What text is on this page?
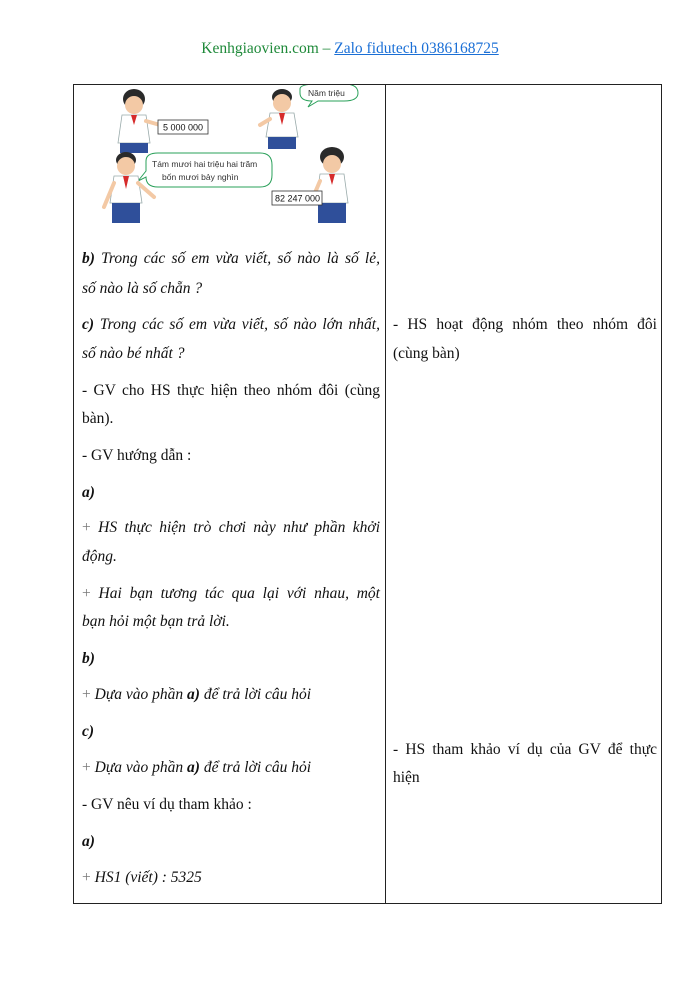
Kenhgiaovien.com – Zalo fidutech 0386168725
5 000 000
Năm triệu
Tám mươi hai triệu hai trăm
bốn mươi bảy nghìn
82 247 000
b) Trong các số em vừa viết, số nào là số lẻ,
số nào là số chẵn ?
c) Trong các số em vừa viết, số nào lớn nhất,
số nào bé nhất ?
- GV cho HS thực hiện theo nhóm đôi (cùng
bàn).
- GV hướng dẫn :
a)
+ HS thực hiện trò chơi này như phần khởi
động.
+ Hai bạn tương tác qua lại với nhau, một
bạn hỏi một bạn trả lời.
b)
+ Dựa vào phần a) để trả lời câu hỏi
c)
+ Dựa vào phần a) để trả lời câu hỏi
- GV nêu ví dụ tham khảo :
a)
+ HS1 (viết) : 5325
- HS hoạt động nhóm theo nhóm đôi
(cùng bàn)
- HS tham khảo ví dụ của GV để thực
hiện
